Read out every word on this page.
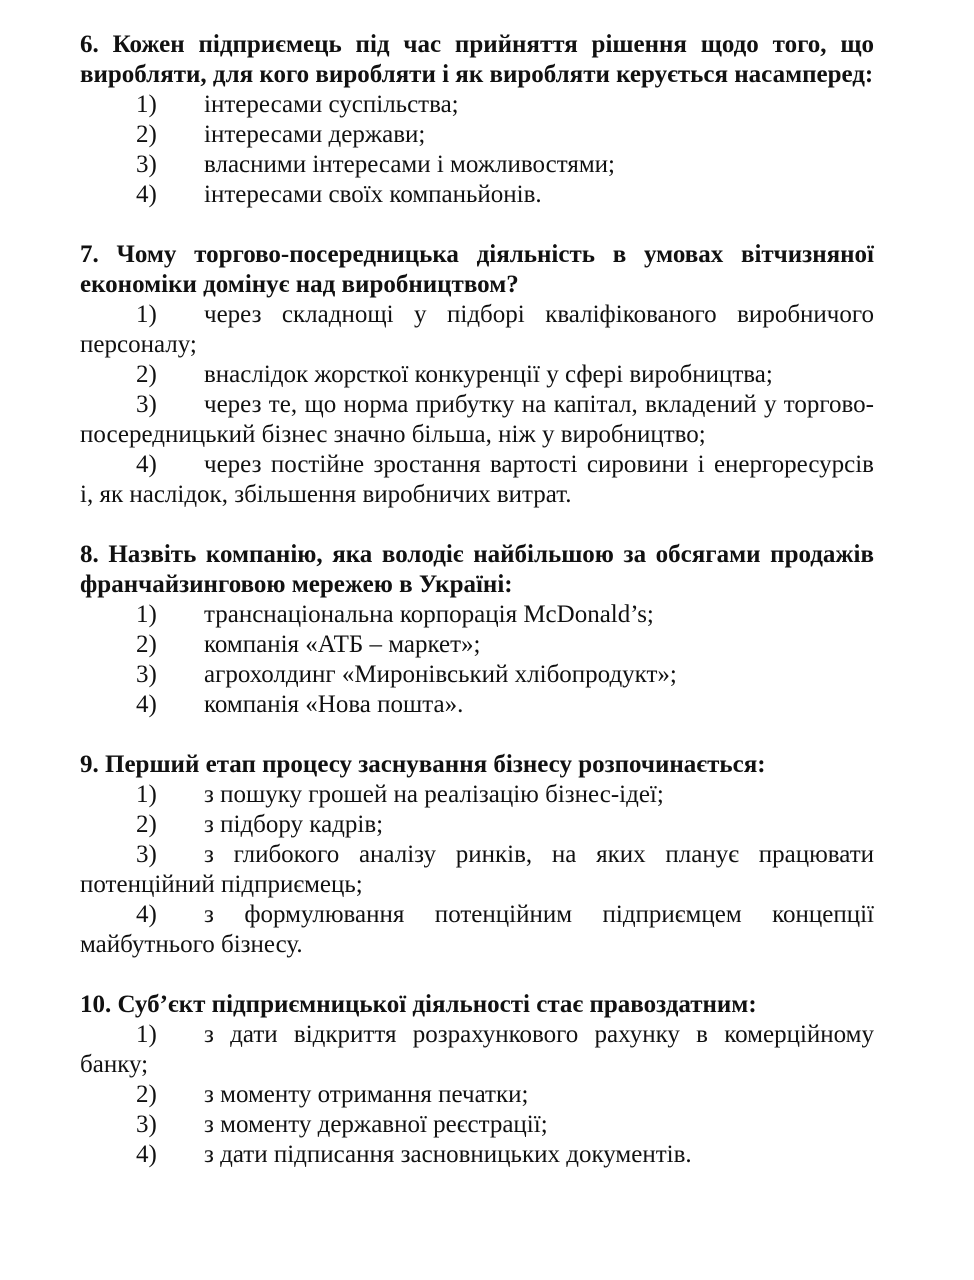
6. Кожен підприємець під час прийняття рішення щодо того, що виробляти, для кого виробляти і як виробляти керується насамперед:

1) інтересами суспільства;

2) інтересами держави;

3) власними інтересами і можливостями;

4) інтересами своїх компаньйонів.

7. Чому торгово-посередницька діяльність в умовах вітчизняної економіки домінує над виробництвом?

1) через складнощі у підборі кваліфікованого виробничого персоналу;

2) внаслідок жорсткої конкуренції у сфері виробництва;

3) через те, що норма прибутку на капітал, вкладений у торгово-посередницький бізнес значно більша, ніж у виробництво;

4) через постійне зростання вартості сировини і енергоресурсів і, як наслідок, збільшення виробничих витрат.

8. Назвіть компанію, яка володіє найбільшою за обсягами продажів франчайзинговою мережею в Україні:

1) транснаціональна корпорація McDonald’s;

2) компанія «АТБ – маркет»;

3) агрохолдинг «Миронівський хлібопродукт»;

4) компанія «Нова пошта».

9. Перший етап процесу заснування бізнесу розпочинається:

1) з пошуку грошей на реалізацію бізнес-ідеї;

2) з підбору кадрів;

3) з глибокого аналізу ринків, на яких планує працювати потенційний підприємець;

4) з формулювання потенційним підприємцем концепції майбутнього бізнесу.

10. Суб’єкт підприємницької діяльності стає правоздатним:

1) з дати відкриття розрахункового рахунку в комерційному банку;

2) з моменту отримання печатки;

3) з моменту державної реєстрації;

4) з дати підписання засновницьких документів.
